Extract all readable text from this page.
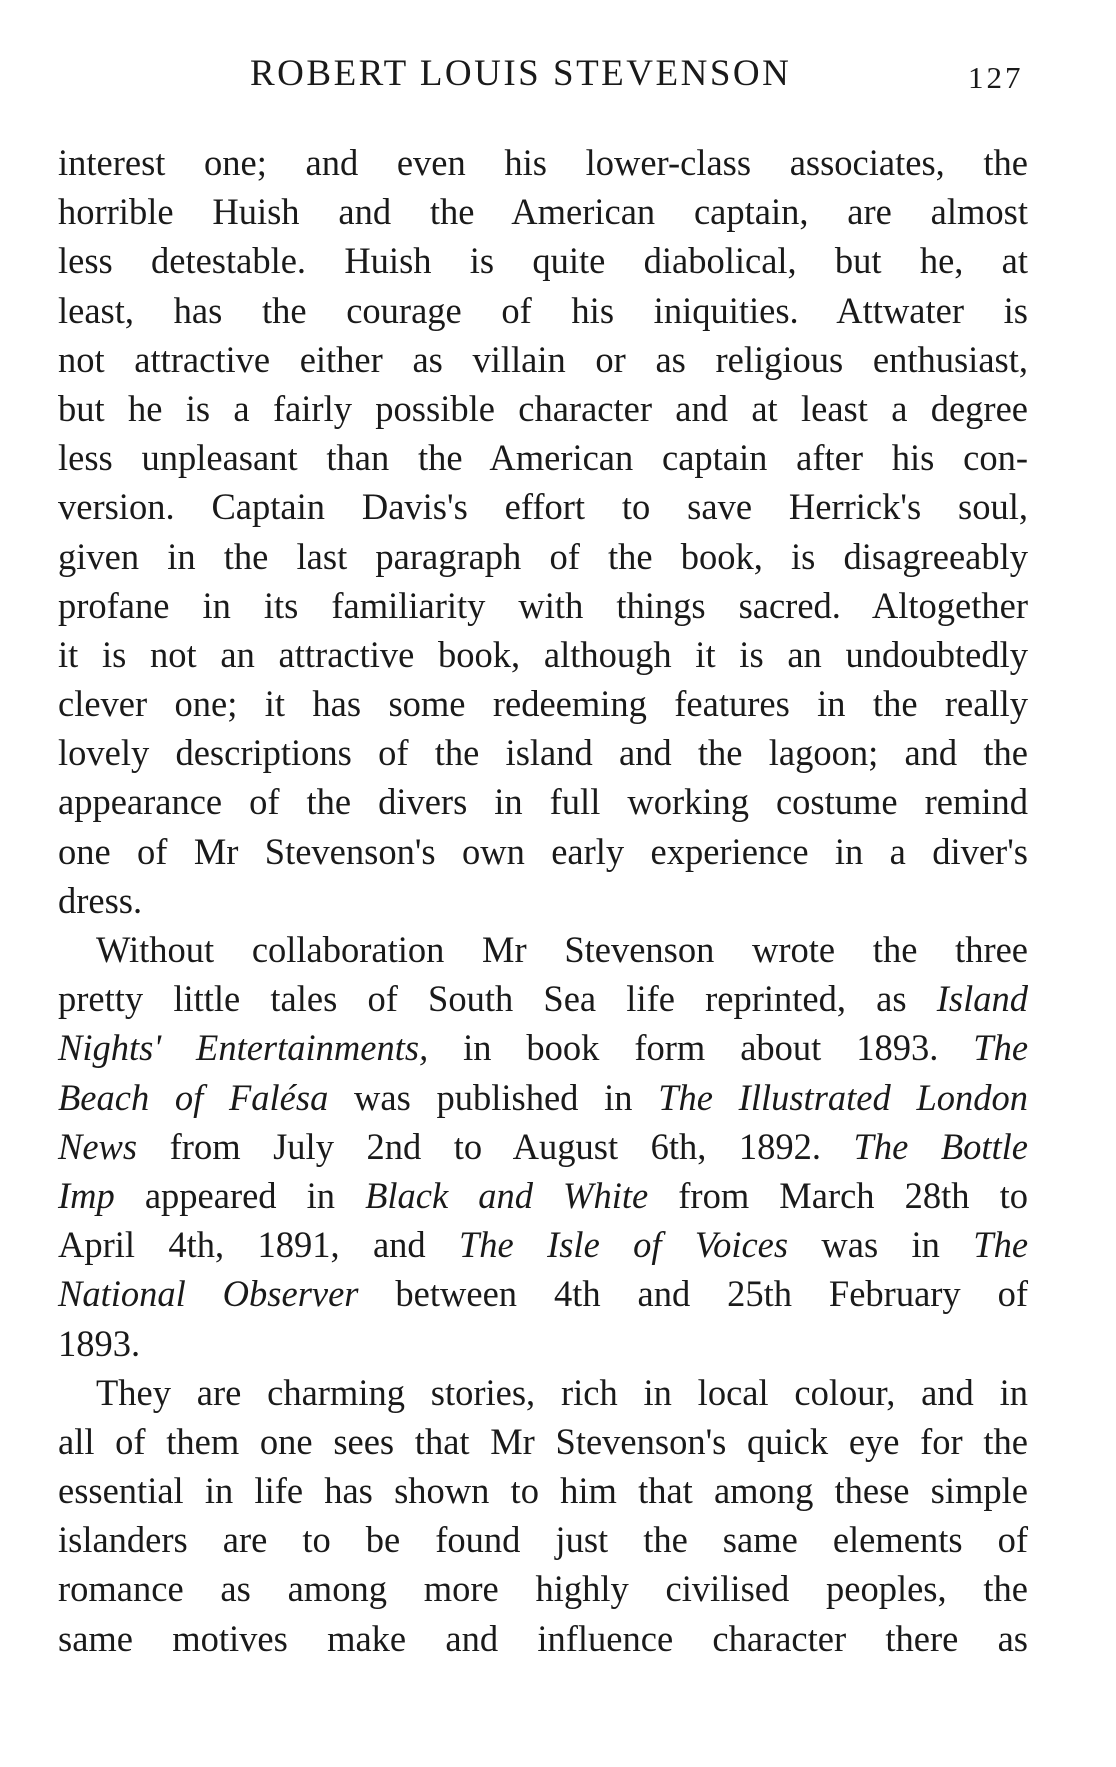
ROBERT LOUIS STEVENSON	127
interest one; and even his lower-class associates, the
horrible Huish and the American captain, are almost
less detestable. Huish is quite diabolical, but he, at
least, has the courage of his iniquities. Attwater is
not attractive either as villain or as religious enthusiast,
but he is a fairly possible character and at least a degree
less unpleasant than the American captain after his con-
version. Captain Davis's effort to save Herrick's soul,
given in the last paragraph of the book, is disagreeably
profane in its familiarity with things sacred. Altogether
it is not an attractive book, although it is an undoubtedly
clever one; it has some redeeming features in the really
lovely descriptions of the island and the lagoon; and the
appearance of the divers in full working costume remind
one of Mr Stevenson's own early experience in a diver's
dress.
Without collaboration Mr Stevenson wrote the three
pretty little tales of South Sea life reprinted, as Island
Nights' Entertainments, in book form about 1893. The
Beach of Falésa was published in The Illustrated London
News from July 2nd to August 6th, 1892. The Bottle
Imp appeared in Black and White from March 28th to
April 4th, 1891, and The Isle of Voices was in The
National Observer between 4th and 25th February of
1893.
They are charming stories, rich in local colour, and in
all of them one sees that Mr Stevenson's quick eye for the
essential in life has shown to him that among these simple
islanders are to be found just the same elements of
romance as among more highly civilised peoples, the
same motives make and influence character there as
